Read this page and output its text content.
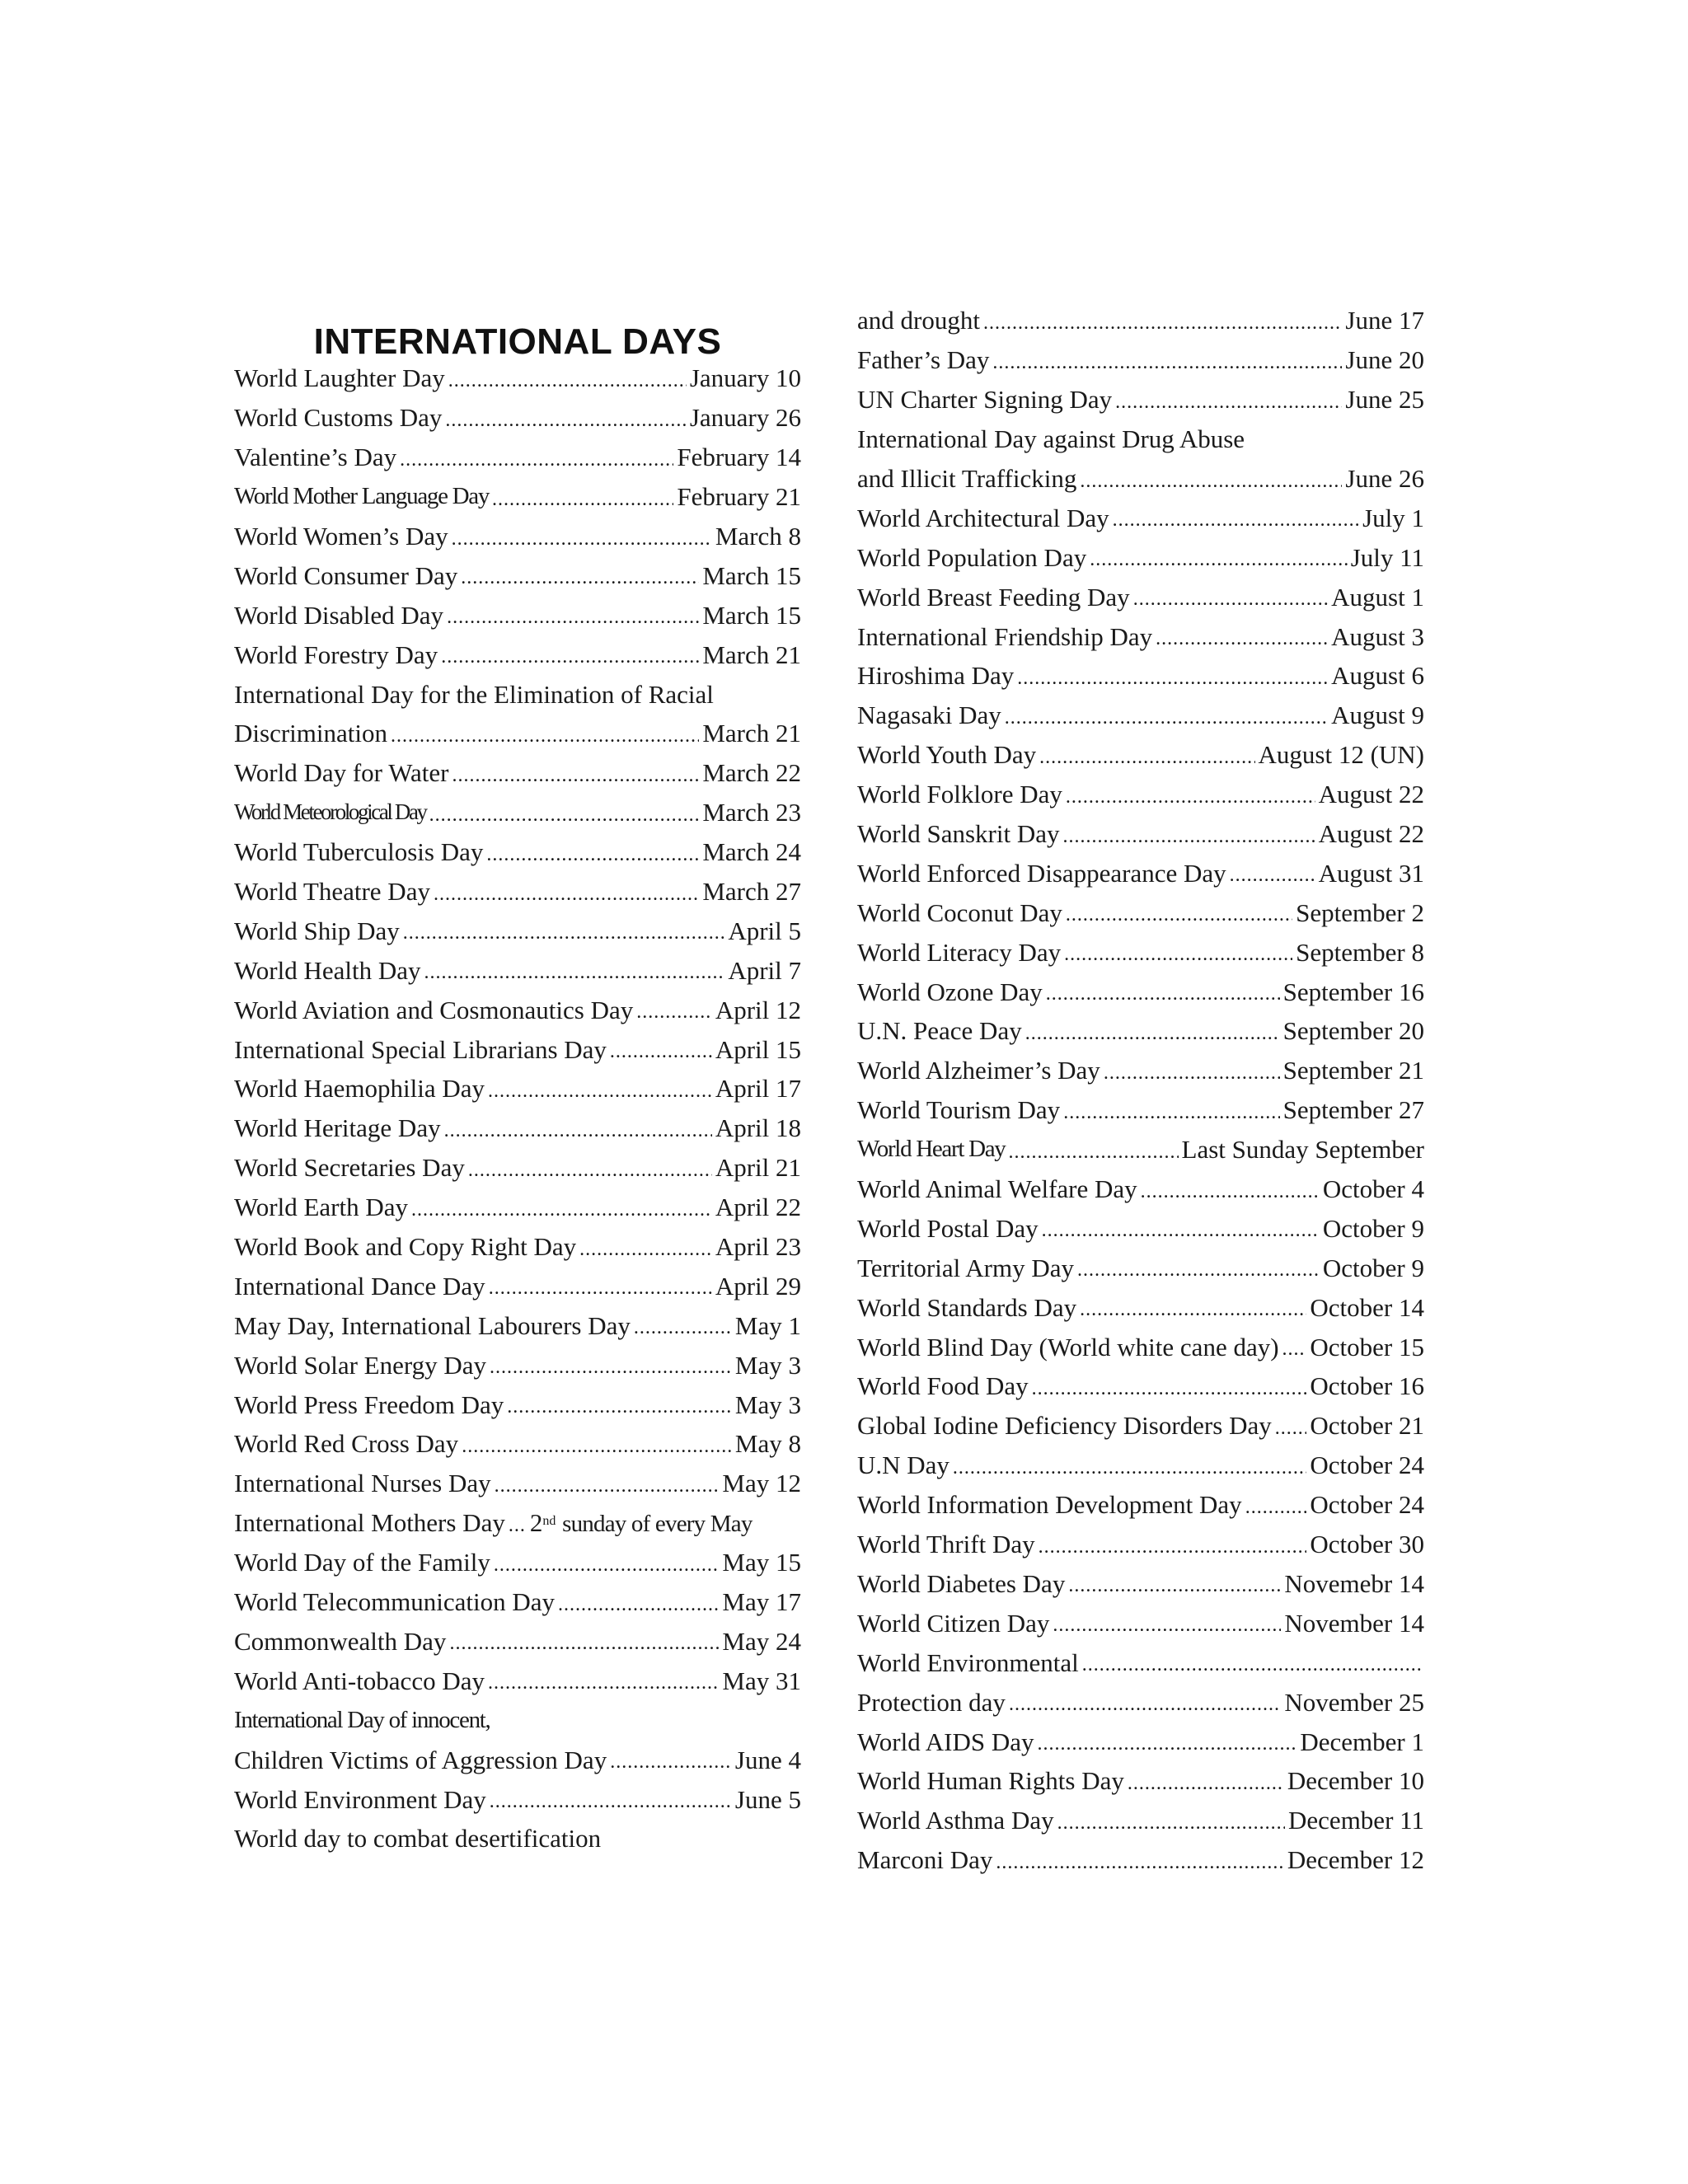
INTERNATIONAL DAYS
World Laughter Day .....	January 10
World Customs Day .....	January 26
Valentine’s Day .....	February 14
World Mother Language Day .....	February 21
World Women’s Day .....	March 8
World Consumer Day .....	March 15
World Disabled Day .....	March 15
World Forestry Day .....	March 21
International Day for the Elimination of Racial
Discrimination .....	March 21
World Day for Water .....	March 22
World Meteorological Day .....	March 23
World Tuberculosis Day .....	March 24
World Theatre Day .....	March 27
World Ship Day .....	April 5
World Health Day .....	April 7
World Aviation and Cosmonautics Day .....	April 12
International Special Librarians Day .....	April 15
World Haemophilia Day .....	April 17
World Heritage Day .....	April 18
World Secretaries Day .....	April 21
World Earth Day .....	April 22
World Book and Copy Right Day .....	April 23
International Dance Day .....	April 29
May Day, International Labourers Day .....	May 1
World Solar Energy Day .....	May 3
World Press Freedom Day .....	May 3
World Red Cross Day .....	May 8
International Nurses Day .....	May 12
International Mothers Day ..... 2nd sunday of every May
World Day of the Family .....	May 15
World Telecommunication Day .....	May 17
Commonwealth Day .....	May 24
World Anti-tobacco Day .....	May 31
International Day of innocent,
Children Victims of Aggression Day .....	June 4
World Environment Day .....	June 5
World day to combat desertification
and drought .....	June 17
Father’s Day .....	June 20
UN Charter Signing Day .....	June 25
International Day against Drug Abuse
and Illicit Trafficking .....	June 26
World Architectural Day .....	July 1
World Population Day .....	July 11
World Breast Feeding Day .....	August 1
International Friendship Day .....	August 3
Hiroshima Day .....	August 6
Nagasaki Day .....	August 9
World Youth Day .....	August 12 (UN)
World Folklore Day .....	August 22
World Sanskrit Day .....	August 22
World Enforced Disappearance Day .....	August 31
World Coconut Day .....	September 2
World Literacy Day .....	September 8
World Ozone Day .....	September 16
U.N. Peace Day .....	September 20
World Alzheimer’s Day .....	September 21
World Tourism Day .....	September 27
World Heart Day .....	Last Sunday September
World Animal Welfare Day .....	October 4
World Postal Day .....	October 9
Territorial Army Day .....	October 9
World Standards Day .....	October 14
World Blind Day (World white cane day) ..... October 15
World Food Day .....	October 16
Global Iodine Deficiency Disorders Day ..... October 21
U.N Day .....	October 24
World Information Development Day .....	October 24
World Thrift Day .....	October 30
World Diabetes Day .....	Novemebr 14
World Citizen Day .....	November 14
World Environmental
.....
Protection day .....	November 25
World AIDS Day .....	December 1
World Human Rights Day .....	December 10
World Asthma Day .....	December 11
Marconi Day .....	December 12
